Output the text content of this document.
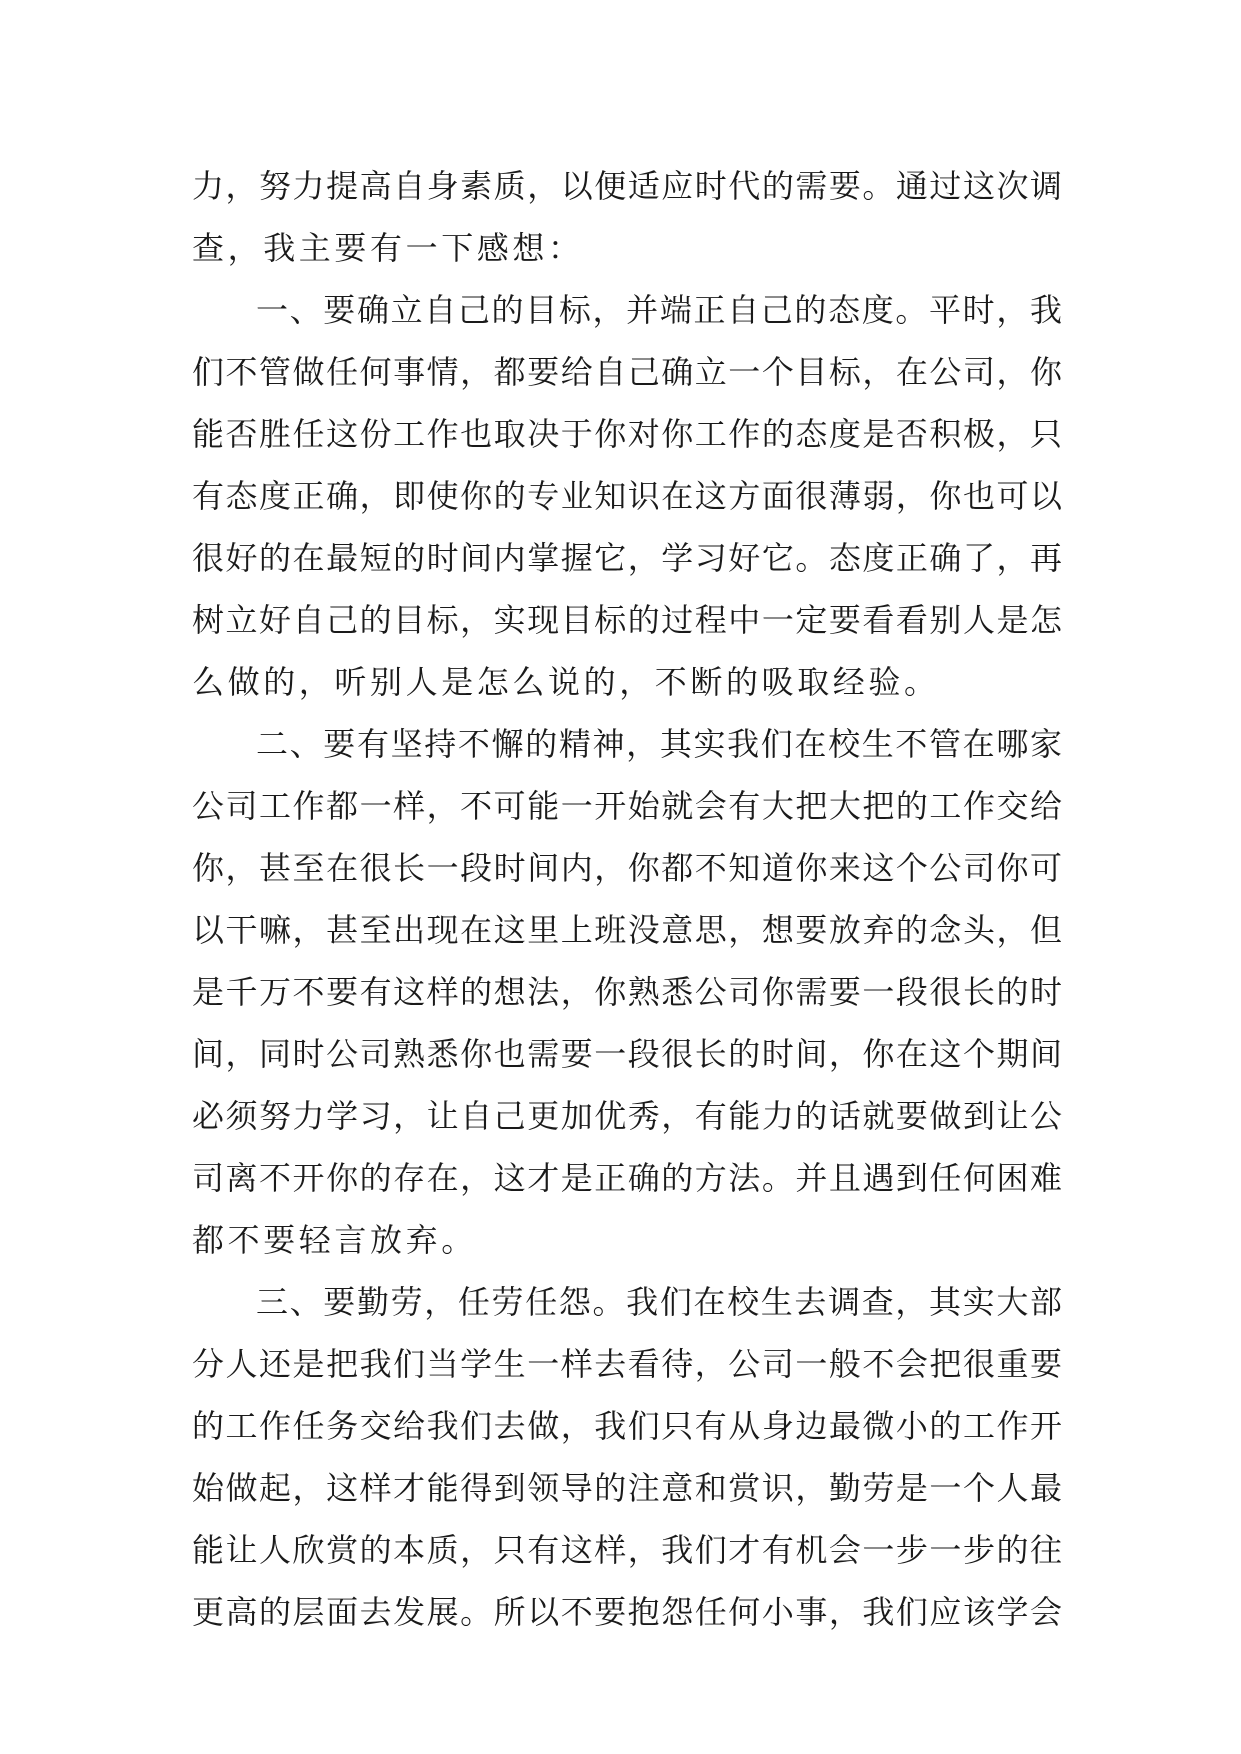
力，努力提高自身素质，以便适应时代的需要。通过这次调
查，我主要有一下感想：
一、要确立自己的目标，并端正自己的态度。平时，我
们不管做任何事情，都要给自己确立一个目标，在公司，你
能否胜任这份工作也取决于你对你工作的态度是否积极，只
有态度正确，即使你的专业知识在这方面很薄弱，你也可以
很好的在最短的时间内掌握它，学习好它。态度正确了，再
树立好自己的目标，实现目标的过程中一定要看看别人是怎
么做的，听别人是怎么说的，不断的吸取经验。
二、要有坚持不懈的精神，其实我们在校生不管在哪家
公司工作都一样，不可能一开始就会有大把大把的工作交给
你，甚至在很长一段时间内，你都不知道你来这个公司你可
以干嘛，甚至出现在这里上班没意思，想要放弃的念头，但
是千万不要有这样的想法，你熟悉公司你需要一段很长的时
间，同时公司熟悉你也需要一段很长的时间，你在这个期间
必须努力学习，让自己更加优秀，有能力的话就要做到让公
司离不开你的存在，这才是正确的方法。并且遇到任何困难
都不要轻言放弃。
三、要勤劳，任劳任怨。我们在校生去调查，其实大部
分人还是把我们当学生一样去看待，公司一般不会把很重要
的工作任务交给我们去做，我们只有从身边最微小的工作开
始做起，这样才能得到领导的注意和赏识，勤劳是一个人最
能让人欣赏的本质，只有这样，我们才有机会一步一步的往
更高的层面去发展。所以不要抱怨任何小事，我们应该学会
